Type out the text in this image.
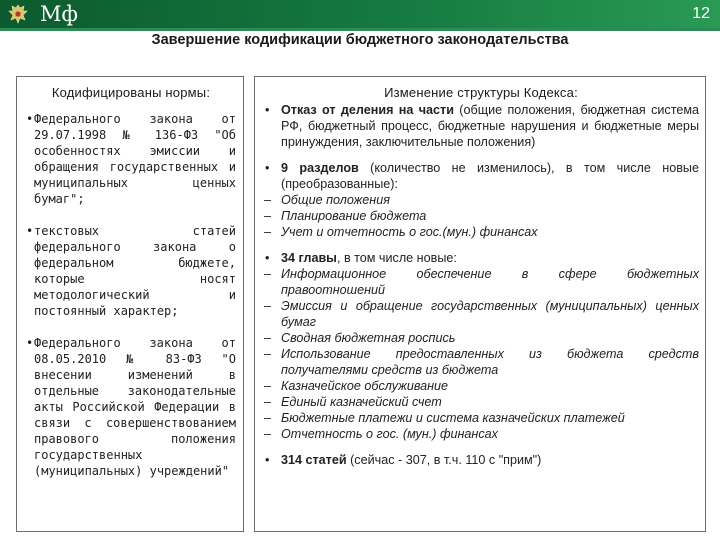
Мф	12
Завершение кодификации бюджетного законодательства
Кодифицированы нормы:
• Федерального закона от 29.07.1998 № 136-ФЗ "Об особенностях эмиссии и обращения государственных и муниципальных ценных бумаг";
• текстовых статей федерального закона о федеральном бюджете, которые носят методологический и постоянный характер;
• Федерального закона от 08.05.2010 № 83-ФЗ "О внесении изменений в отдельные законодательные акты Российской Федерации в связи с совершенствованием правового положения государственных (муниципальных) учреждений"
Изменение структуры Кодекса:
• Отказ от деления на части (общие положения, бюджетная система РФ, бюджетный процесс, бюджетные нарушения и бюджетные меры принуждения, заключительные положения)
• 9 разделов (количество не изменилось), в том числе новые (преобразованные):
– Общие положения
– Планирование бюджета
– Учет и отчетность о гос.(мун.) финансах
• 34 главы, в том числе новые:
– Информационное обеспечение в сфере бюджетных правоотношений
– Эмиссия и обращение государственных (муниципальных) ценных бумаг
– Сводная бюджетная роспись
– Использование предоставленных из бюджета средств получателями средств из бюджета
– Казначейское обслуживание
– Единый казначейский счет
– Бюджетные платежи и система казначейских платежей
– Отчетность о гос. (мун.) финансах
• 314 статей (сейчас - 307, в т.ч. 110 с "прим")
